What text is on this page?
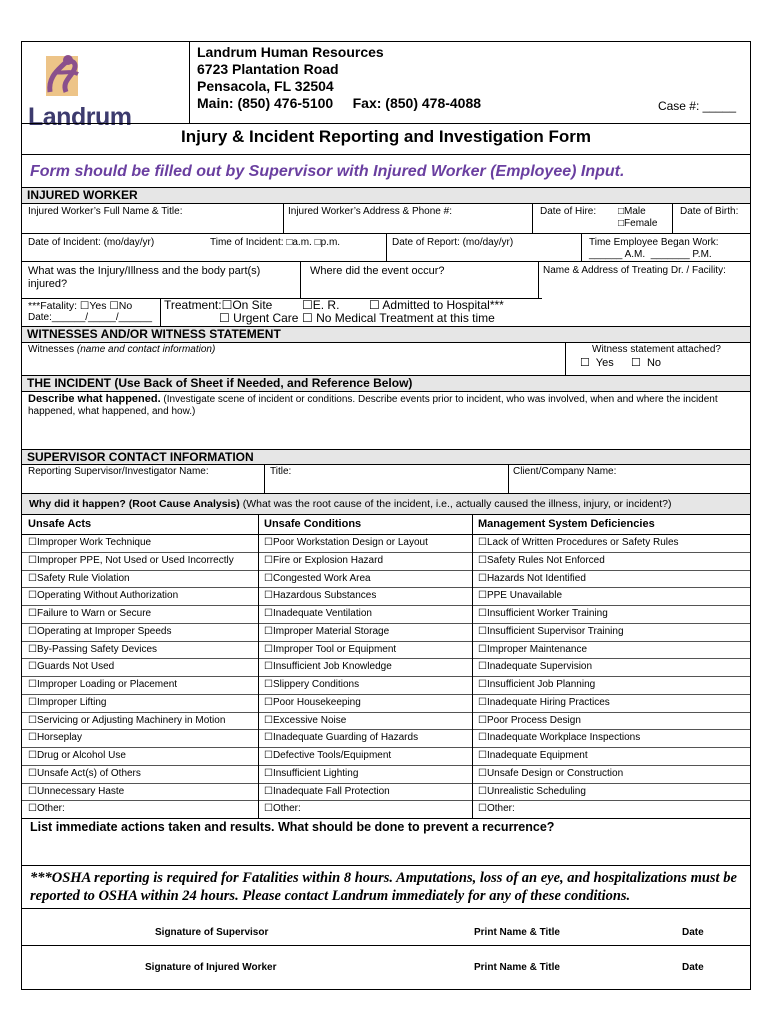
Landrum
Landrum Human Resources
6723 Plantation Road
Pensacola, FL 32504
Main: (850) 476-5100     Fax: (850) 478-4088	Case #: _____
Injury & Incident Reporting and Investigation Form
Form should be filled out by Supervisor with Injured Worker (Employee) Input.
INJURED WORKER
Injured Worker’s Full Name & Title:	Injured Worker’s Address & Phone #:	Date of Hire: □Male
□Female
Date of Birth:
Date of Incident: (mo/day/yr)	Time of Incident: □a.m. □p.m.	Date of Report: (mo/day/yr)	Time Employee Began Work:
______ A.M.  _______ P.M.
What was the Injury/Illness and the body part(s) injured?
Where did the event occur?	Name & Address of Treating Dr. / Facility:
***Fatality: ☐Yes ☐No
Date:______/_____/______
Treatment:☐On Site ☐E. R. ☐ Admitted to Hospital***
☐ Urgent Care ☐ No Medical Treatment at this time
WITNESSES AND/OR WITNESS STATEMENT
Witnesses (name and contact information)	Witness statement attached?
☐  Yes ☐  No
THE INCIDENT (Use Back of Sheet if Needed, and Reference Below)
Describe what happened. (Investigate scene of incident or conditions. Describe events prior to incident, who was involved, when and where the incident happened, what happened, and how.)
SUPERVISOR CONTACT INFORMATION
Reporting Supervisor/Investigator Name:	Title:	Client/Company Name:
Why did it happen? (Root Cause Analysis) (What was the root cause of the incident, i.e., actually caused the illness, injury, or incident?)
Unsafe Acts	Unsafe Conditions	Management System Deficiencies
☐Improper Work Technique	☐Poor Workstation Design or Layout	☐Lack of Written Procedures or Safety Rules
☐Improper PPE, Not Used or Used Incorrectly	☐Fire or Explosion Hazard	☐Safety Rules Not Enforced
☐Safety Rule Violation	☐Congested Work Area	☐Hazards Not Identified
☐Operating Without Authorization	☐Hazardous Substances	☐PPE Unavailable
☐Failure to Warn or Secure	☐Inadequate Ventilation	☐Insufficient Worker Training
☐Operating at Improper Speeds	☐Improper Material Storage	☐Insufficient Supervisor Training
☐By-Passing Safety Devices	☐Improper Tool or Equipment	☐Improper Maintenance
☐Guards Not Used	☐Insufficient Job Knowledge	☐Inadequate Supervision
☐Improper Loading or Placement	☐Slippery Conditions	☐Insufficient Job Planning
☐Improper Lifting	☐Poor Housekeeping	☐Inadequate Hiring Practices
☐Servicing or Adjusting Machinery in Motion	☐Excessive Noise	☐Poor Process Design
☐Horseplay	☐Inadequate Guarding of Hazards	☐Inadequate Workplace Inspections
☐Drug or Alcohol Use	☐Defective Tools/Equipment	☐Inadequate Equipment
☐Unsafe Act(s) of Others	☐Insufficient Lighting	☐Unsafe Design or Construction
☐Unnecessary Haste	☐Inadequate Fall Protection	☐Unrealistic Scheduling
☐Other:	☐Other:	☐Other:
List immediate actions taken and results. What should be done to prevent a recurrence?
***OSHA reporting is required for Fatalities within 8 hours. Amputations, loss of an eye, and hospitalizations must be reported to OSHA within 24 hours. Please contact Landrum immediately for any of these conditions.
Signature of Supervisor	Print Name & Title	Date
Signature of Injured Worker	Print Name & Title	Date
